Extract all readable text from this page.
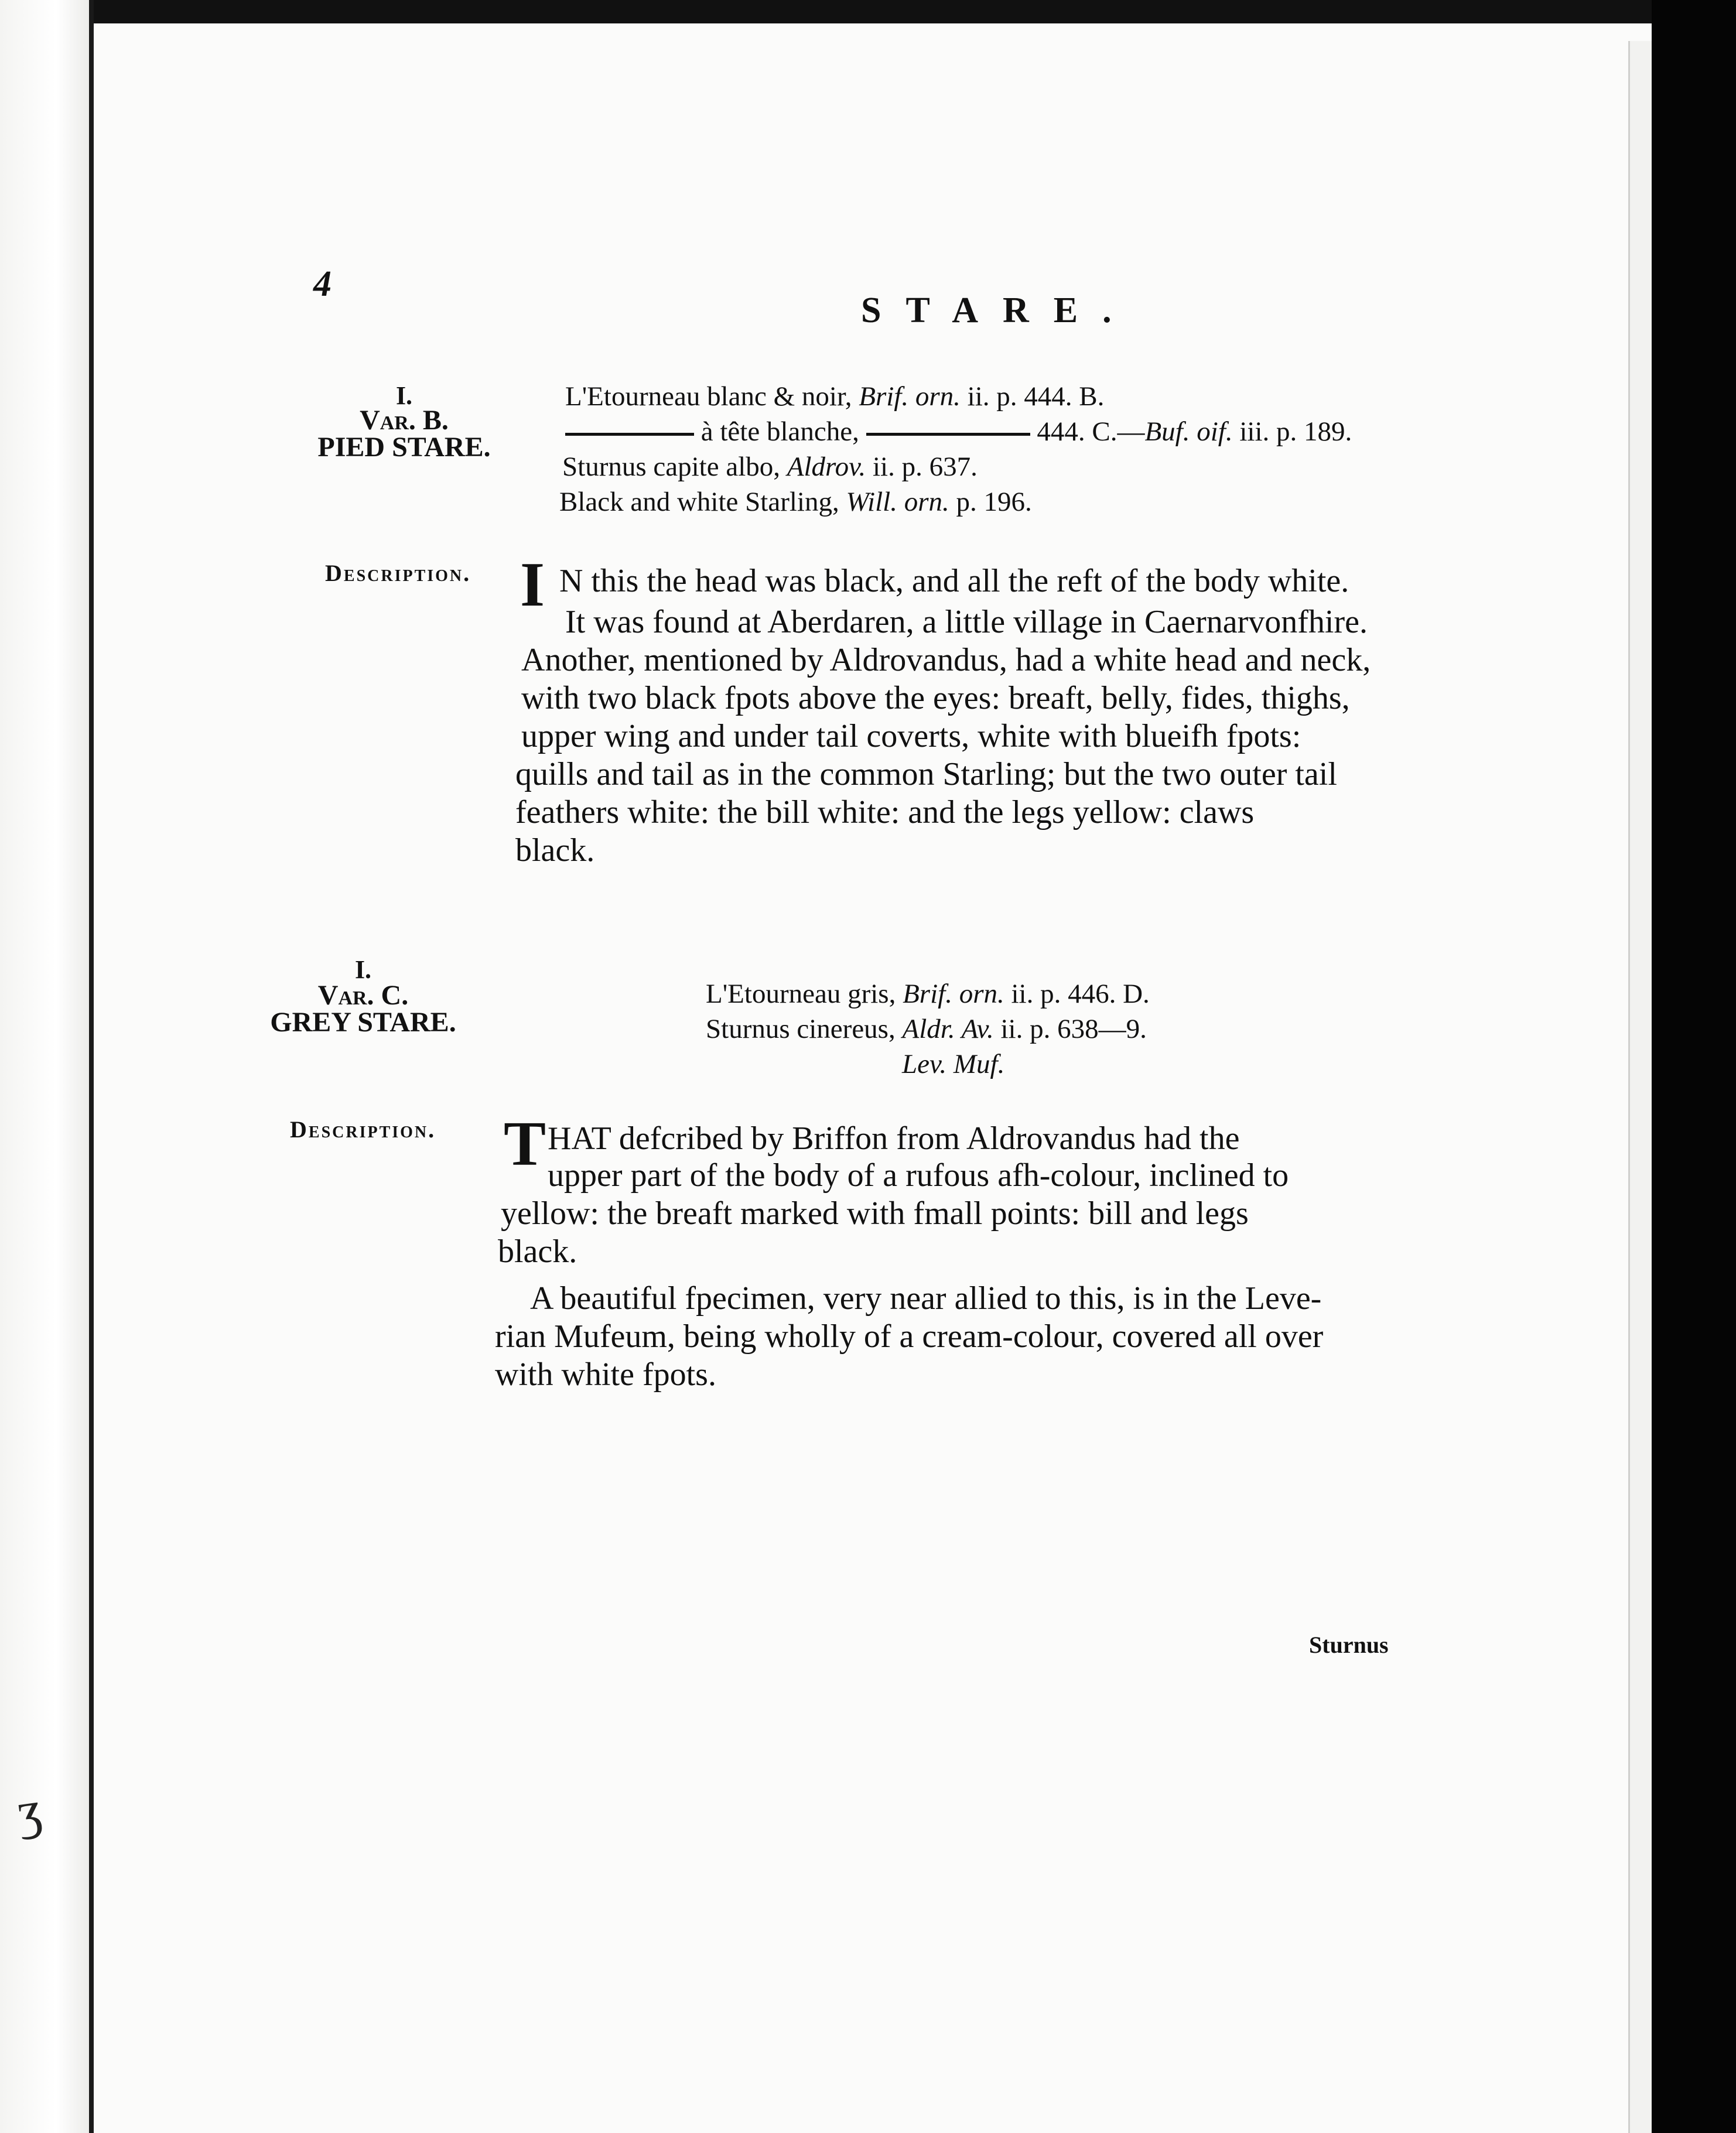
ʒ
4
STARE.
I.
Var. B.
PIED STARE.
L'Etourneau blanc & noir, Brif. orn. ii. p. 444. B.
à tête blanche,	444. C.—Buf. oif. iii. p. 189.
Sturnus capite albo, Aldrov. ii. p. 637.
Black and white Starling, Will. orn. p. 196.
Description. I N this the head was black, and all the reft of the body white.
It was found at Aberdaren, a little village in Caernarvonfhire.
Another, mentioned by Aldrovandus, had a white head and neck,
with two black fpots above the eyes: breaft, belly, fides, thighs,
upper wing and under tail coverts, white with blueifh fpots:
quills and tail as in the common Starling; but the two outer tail
feathers white: the bill white: and the legs yellow: claws
black.
I.
Var. C.
GREY STARE.
L'Etourneau gris, Brif. orn. ii. p. 446. D.
Sturnus cinereus, Aldr. Av. ii. p. 638—9.
Lev. Muf.
Description. T HAT defcribed by Briffon from Aldrovandus had the
upper part of the body of a rufous afh-colour, inclined to
yellow: the breaft marked with fmall points: bill and legs
black.
A beautiful fpecimen, very near allied to this, is in the Leve-
rian Mufeum, being wholly of a cream-colour, covered all over
with white fpots.
Sturnus
